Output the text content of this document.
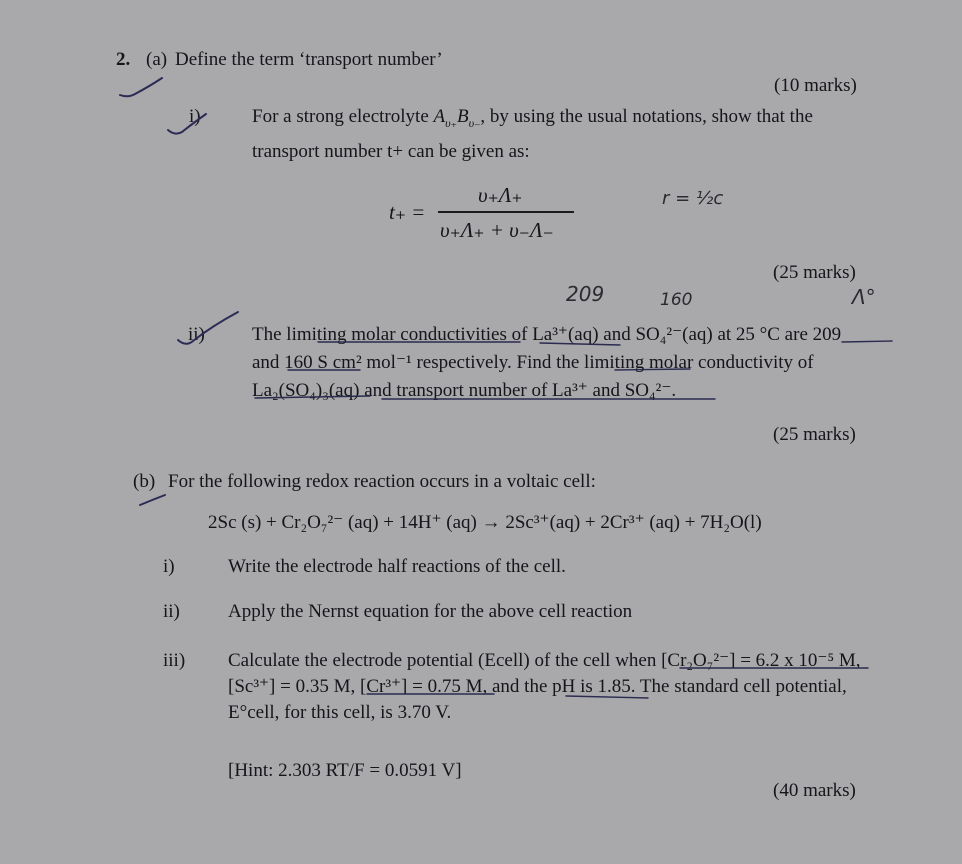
2. (a) Define the term ‘transport number’
(10 marks)
i)	For a strong electrolyte $A_{\upsilon_+}B_{\upsilon_-}$, by using the usual notations, show that the
transport number t+ can be given as:
t₊ =
υ₊Λ₊
υ₊Λ₊ + υ₋Λ₋
(25 marks)
ii) The limiting molar conductivities of La³⁺(aq) and SO₄²⁻(aq) at 25 °C are 209
and 160 S cm² mol⁻¹ respectively. Find the limiting molar conductivity of
La₂(SO₄)₃(aq) and transport number of La³⁺ and SO₄²⁻.
(25 marks)
(b) For the following redox reaction occurs in a voltaic cell:
2Sc (s) + Cr₂O₇²⁻ (aq) + 14H⁺ (aq) → 2Sc³⁺(aq) + 2Cr³⁺ (aq) + 7H₂O(l)
i)	Write the electrode half reactions of the cell.
ii)	Apply the Nernst equation for the above cell reaction
iii) Calculate the electrode potential (Ecell) of the cell when [Cr₂O₇²⁻] = 6.2 x 10⁻⁵ M,
[Sc³⁺] = 0.35 M, [Cr³⁺] = 0.75 M, and the pH is 1.85. The standard cell potential,
E°cell, for this cell, is 3.70 V.
[Hint: 2.303 RT/F = 0.0591 V]
(40 marks)
r = ½c
209	160	Λ°
